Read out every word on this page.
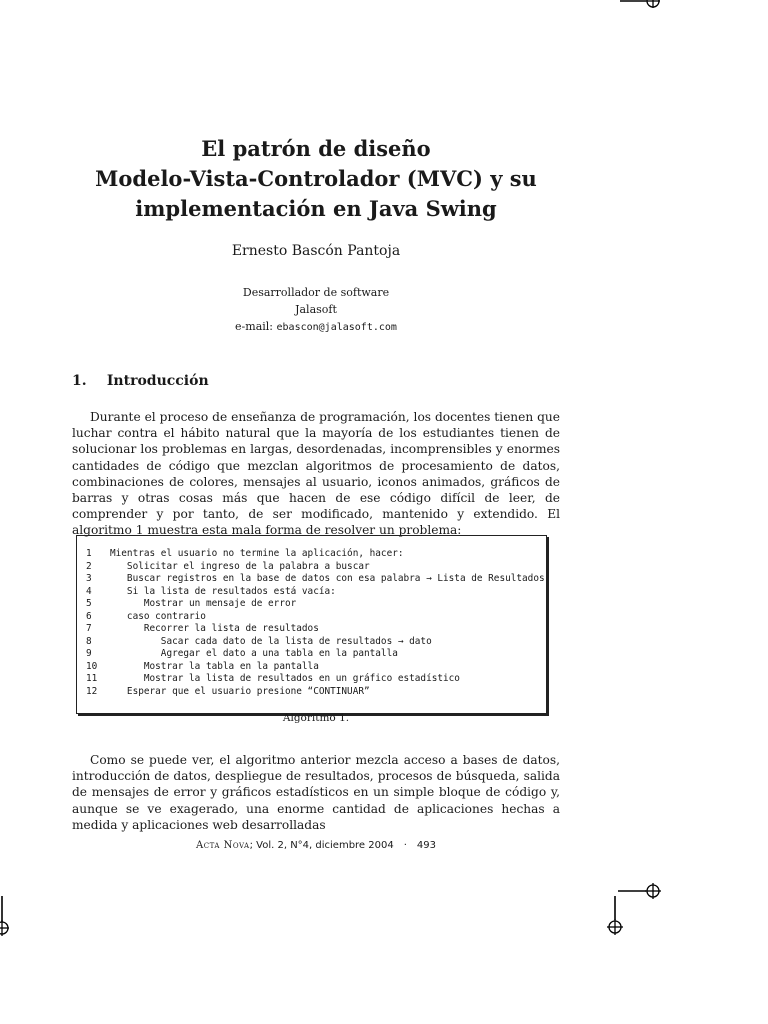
El patrón de diseño
Modelo-Vista-Controlador (MVC) y su
implementación en Java Swing
Ernesto Bascón Pantoja
Desarrollador de software
Jalasoft
e-mail: ebascon@jalasoft.com
1. Introducción

Durante el proceso de enseñanza de programación, los docentes tienen que luchar contra el hábito natural que la mayoría de los estudiantes tienen de solucionar los problemas en largas, desordenadas, incomprensibles y enormes cantidades de código que mezclan algoritmos de procesamiento de datos, combinaciones de colores, mensajes al usuario, iconos animados, gráficos de barras y otras cosas más que hacen de ese código difícil de leer, de comprender y por tanto, de ser modificado, mantenido y extendido. El algoritmo 1 muestra esta mala forma de resolver un problema:

1	Mientras el usuario no termine la aplicación, hacer:
2	Solicitar el ingreso de la palabra a buscar
3	Buscar registros en la base de datos con esa palabra → Lista de Resultados
4	Si la lista de resultados está vacía:
5	Mostrar un mensaje de error
6	caso contrario
7	Recorrer la lista de resultados
8	Sacar cada dato de la lista de resultados → dato
9	Agregar el dato a una tabla en la pantalla
10	Mostrar la tabla en la pantalla
11	Mostrar la lista de resultados en un gráfico estadístico
12	Esperar que el usuario presione “CONTINUAR”
Algoritmo 1.

Como se puede ver, el algoritmo anterior mezcla acceso a bases de datos, introducción de datos, despliegue de resultados, procesos de búsqueda, salida de mensajes de error y gráficos estadísticos en un simple bloque de código y, aunque se ve exagerado, una enorme cantidad de aplicaciones hechas a medida y aplicaciones web desarrolladas

Acta Nova; Vol. 2, N°4, diciembre 2004 · 493
